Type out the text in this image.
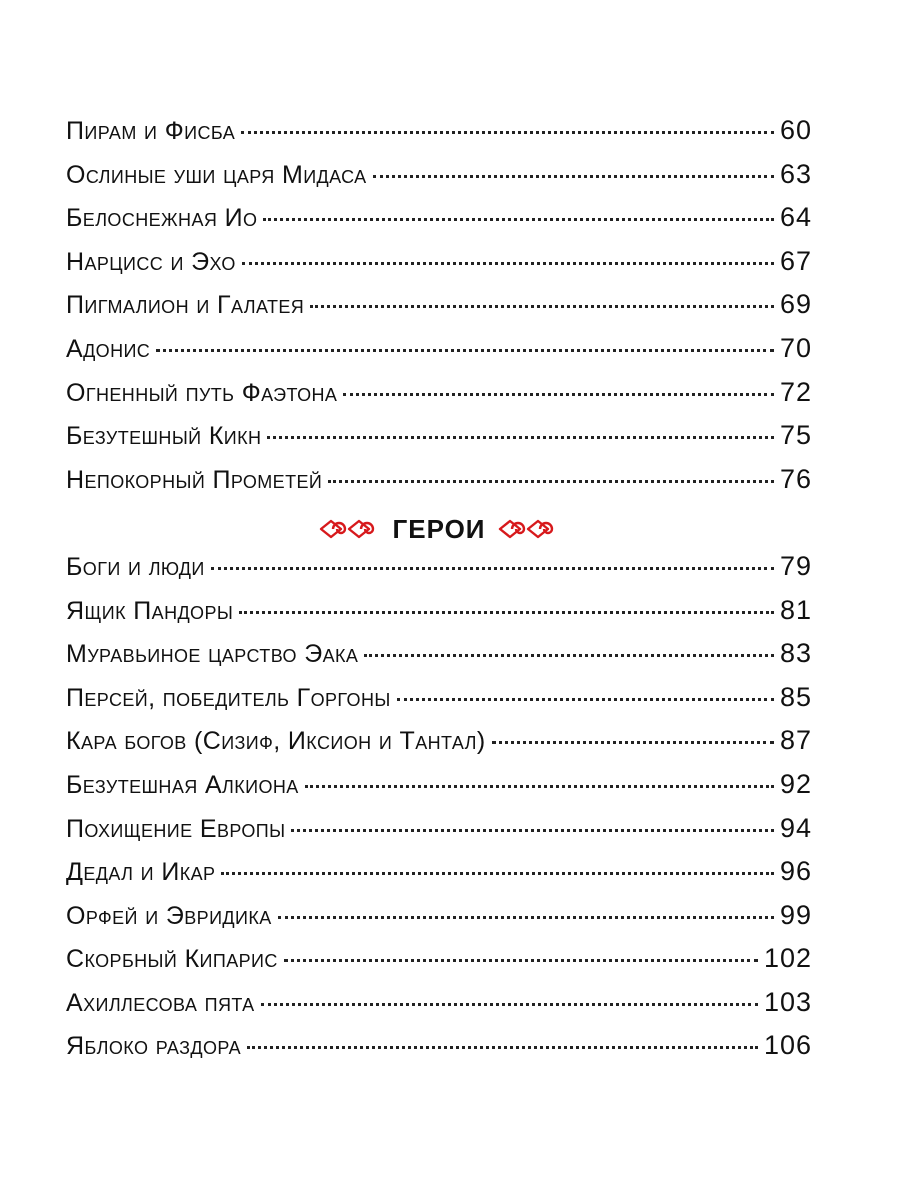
Пирам и Фисба	60
Ослиные уши царя Мидаса	63
Белоснежная Ио	64
Нарцисс и Эхо	67
Пигмалион и Галатея	69
Адонис	70
Огненный путь Фаэтона	72
Безутешный Кикн	75
Непокорный Прометей	76
ГЕРОИ
Боги и люди	79
Ящик Пандоры	81
Муравьиное царство Эака	83
Персей, победитель Горгоны	85
Кара богов (Сизиф, Иксион и Тантал)	87
Безутешная Алкиона	92
Похищение Европы	94
Дедал и Икар	96
Орфей и Эвридика	99
Скорбный Кипарис	102
Ахиллесова пята	103
Яблоко раздора	106
